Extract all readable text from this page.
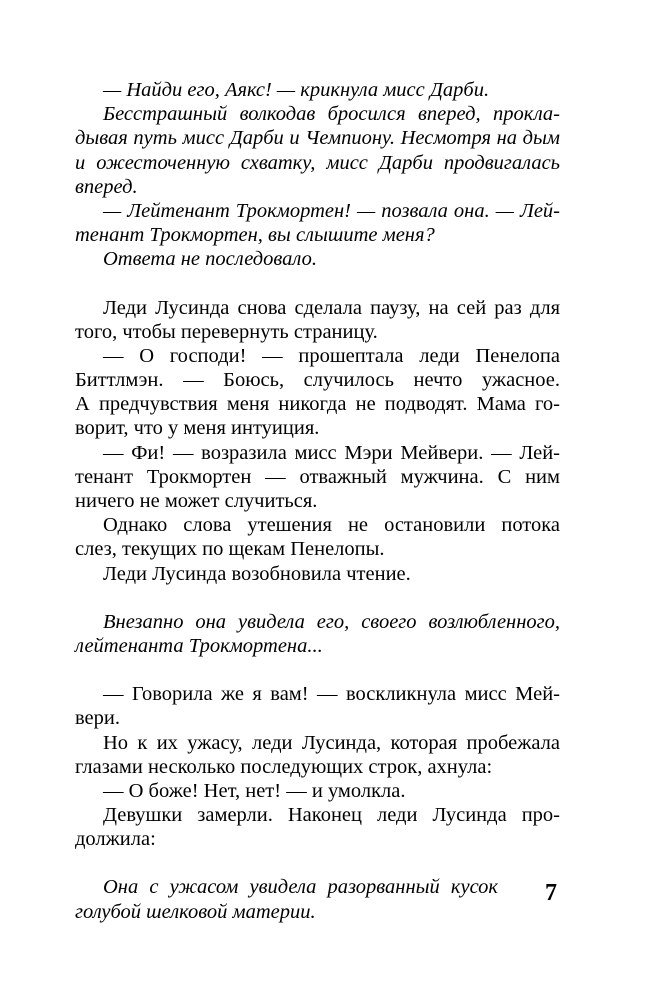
— Найди его, Аякс! — крикнула мисс Дарби.
Бесстрашный волкодав бросился вперед, прокла-
дывая путь мисс Дарби и Чемпиону. Несмотря на дым
и ожесточенную схватку, мисс Дарби продвигалась
вперед.
— Лейтенант Трокмортен! — позвала она. — Лей-
тенант Трокмортен, вы слышите меня?
Ответа не последовало.
Леди Лусинда снова сделала паузу, на сей раз для
того, чтобы перевернуть страницу.
— О господи! — прошептала леди Пенелопа
Биттлмэн. — Боюсь, случилось нечто ужасное.
А предчувствия меня никогда не подводят. Мама го-
ворит, что у меня интуиция.
— Фи! — возразила мисс Мэри Мейвери. — Лей-
тенант Трокмортен — отважный мужчина. С ним
ничего не может случиться.
Однако слова утешения не остановили потока
слез, текущих по щекам Пенелопы.
Леди Лусинда возобновила чтение.
Внезапно она увидела его, своего возлюбленного,
лейтенанта Трокмортена...
— Говорила же я вам! — воскликнула мисс Мей-
вери.
Но к их ужасу, леди Лусинда, которая пробежала
глазами несколько последующих строк, ахнула:
— О боже! Нет, нет! — и умолкла.
Девушки замерли. Наконец леди Лусинда про-
должила:
Она с ужасом увидела разорванный кусок
голубой шелковой материи.
7
